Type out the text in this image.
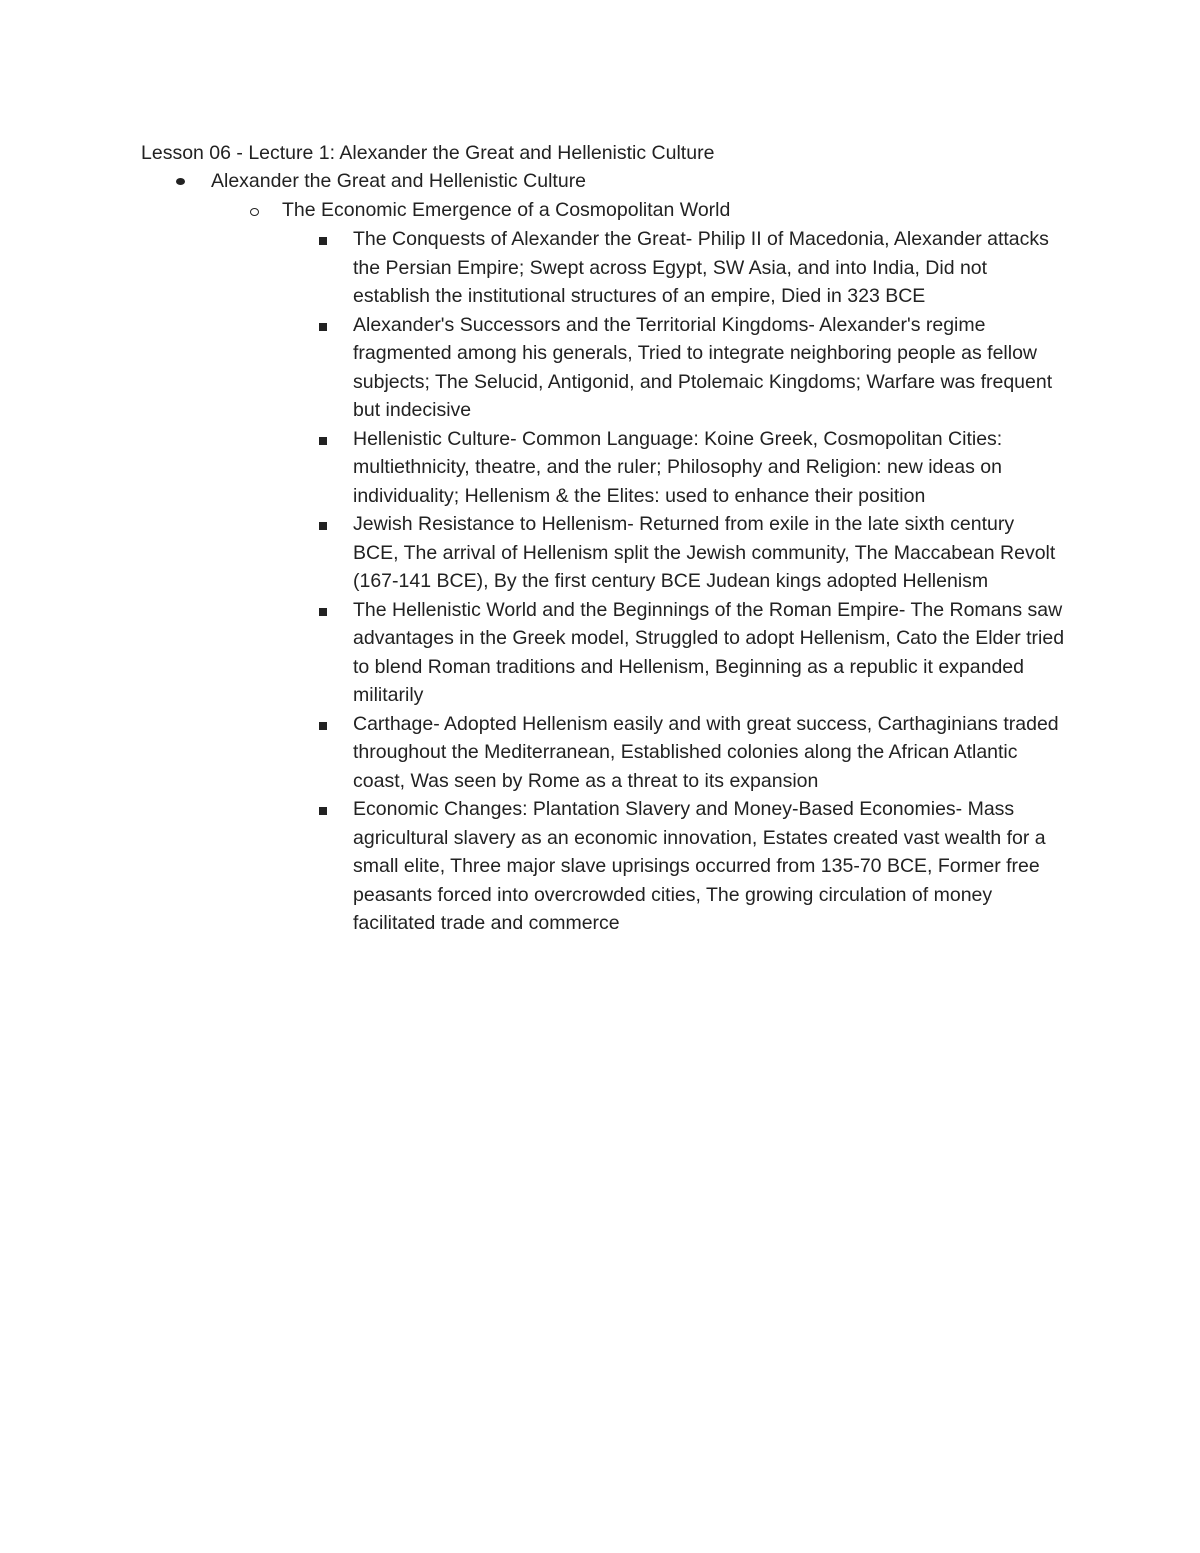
Lesson 06 - Lecture 1: Alexander the Great and Hellenistic Culture
Alexander the Great and Hellenistic Culture
The Economic Emergence of a Cosmopolitan World
The Conquests of Alexander the Great- Philip II of Macedonia, Alexander attacks the Persian Empire; Swept across Egypt, SW Asia, and into India, Did not establish the institutional structures of an empire, Died in 323 BCE
Alexander's Successors and the Territorial Kingdoms- Alexander's regime fragmented among his generals, Tried to integrate neighboring people as fellow subjects; The Selucid, Antigonid, and Ptolemaic Kingdoms; Warfare was frequent but indecisive
Hellenistic Culture- Common Language: Koine Greek, Cosmopolitan Cities: multiethnicity, theatre, and the ruler; Philosophy and Religion: new ideas on individuality; Hellenism & the Elites: used to enhance their position
Jewish Resistance to Hellenism- Returned from exile in the late sixth century BCE, The arrival of Hellenism split the Jewish community, The Maccabean Revolt (167-141 BCE), By the first century BCE Judean kings adopted Hellenism
The Hellenistic World and the Beginnings of the Roman Empire- The Romans saw advantages in the Greek model, Struggled to adopt Hellenism, Cato the Elder tried to blend Roman traditions and Hellenism, Beginning as a republic it expanded militarily
Carthage- Adopted Hellenism easily and with great success, Carthaginians traded throughout the Mediterranean, Established colonies along the African Atlantic coast, Was seen by Rome as a threat to its expansion
Economic Changes: Plantation Slavery and Money-Based Economies- Mass agricultural slavery as an economic innovation, Estates created vast wealth for a small elite, Three major slave uprisings occurred from 135-70 BCE, Former free peasants forced into overcrowded cities, The growing circulation of money facilitated trade and commerce
